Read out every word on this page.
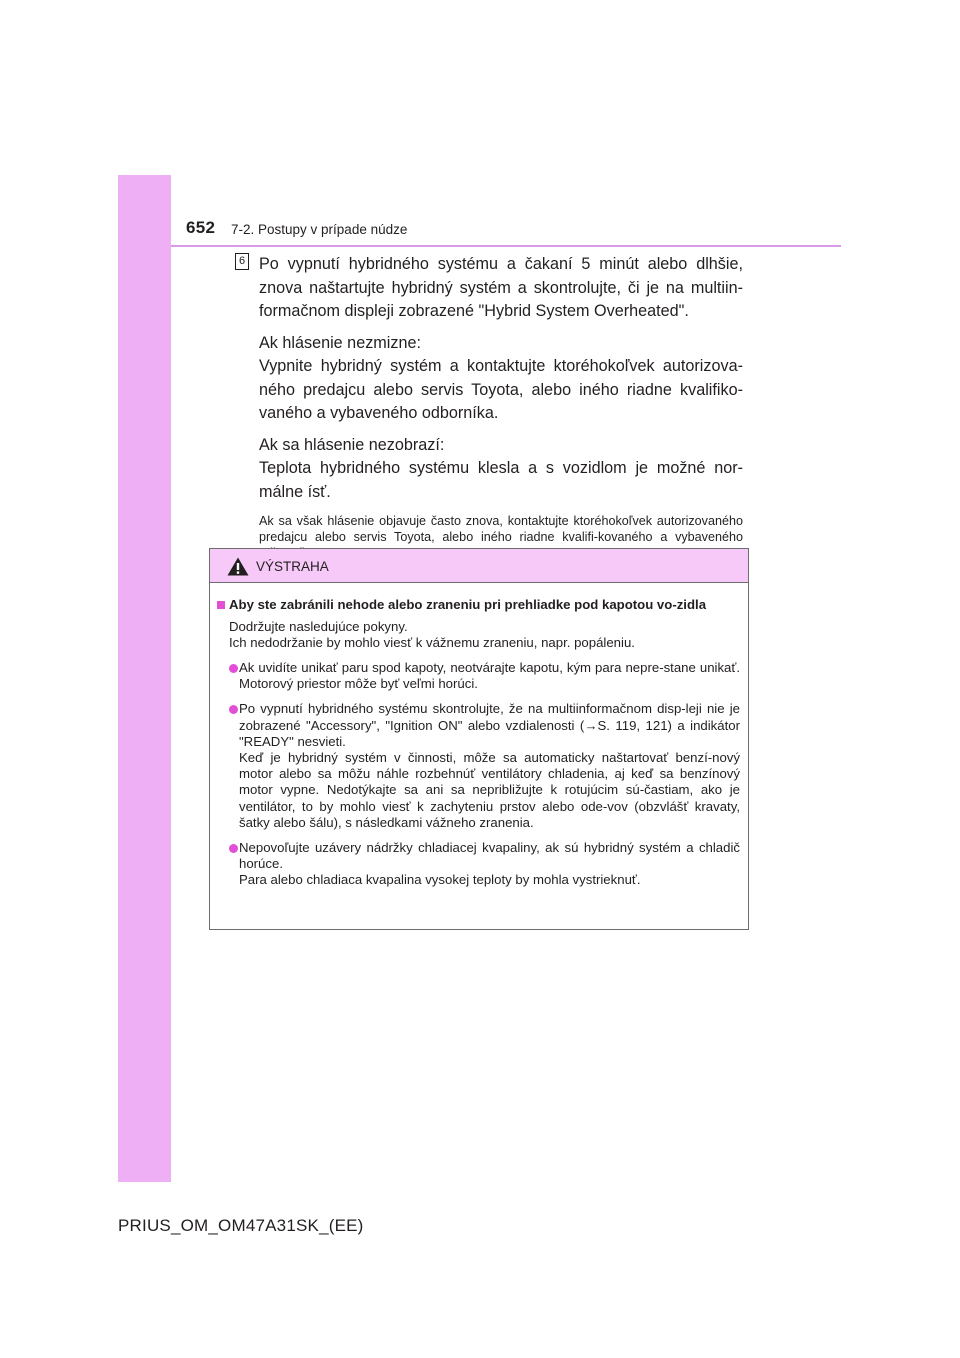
652 7-2. Postupy v prípade núdze
6 Po vypnutí hybridného systému a čakaní 5 minút alebo dlhšie, znova naštartujte hybridný systém a skontrolujte, či je na multiin-formačnom displeji zobrazené "Hybrid System Overheated".

Ak hlásenie nezmizne:

Vypnite hybridný systém a kontaktujte ktoréhokoľvek autorizova-ného predajcu alebo servis Toyota, alebo iného riadne kvalifiko-vaného a vybaveného odborníka.

Ak sa hlásenie nezobrazí:

Teplota hybridného systému klesla a s vozidlom je možné nor-málne ísť.

Ak sa však hlásenie objavuje často znova, kontaktujte ktoréhokoľvek autorizovaného predajcu alebo servis Toyota, alebo iného riadne kvalifi-kovaného a vybaveného

VÝSTRAHA

Aby ste zabránili nehode alebo zraneniu pri prehliadke pod kapotou vo-zidla

Dodržujte nasledujúce pokyny.
Ich nedodržanie by mohlo viesť k vážnemu zraneniu, napr. popáleniu.

Ak uvidíte unikať paru spod kapoty, neotvárajte kapotu, kým para nepre-stane unikať. Motorový priestor môže byť veľmi horúci.

Po vypnutí hybridného systému skontrolujte, že na multiinformačnom disp-leji nie je zobrazené "Accessory", "Ignition ON" alebo vzdialenosti (→S. 119, 121) a indikátor "READY" nesvieti.

Keď je hybridný systém v činnosti, môže sa automaticky naštartovať benzí-nový motor alebo sa môžu náhle rozbehnúť ventilátory chladenia, aj keď sa benzínový motor vypne. Nedotýkajte sa ani sa nepribližujte k rotujúcim sú-častiam, ako je ventilátor, to by mohlo viesť k zachyteniu prstov alebo ode-vov (obzvlášť kravaty, šatky alebo šálu), s následkami vážneho zranenia.

Nepovoľujte uzávery nádržky chladiacej kvapaliny, ak sú hybridný systém a chladič horúce.

Para alebo chladiaca kvapalina vysokej teploty by mohla vystrieknuť.

PRIUS_OM_OM47A31SK_(EE)
